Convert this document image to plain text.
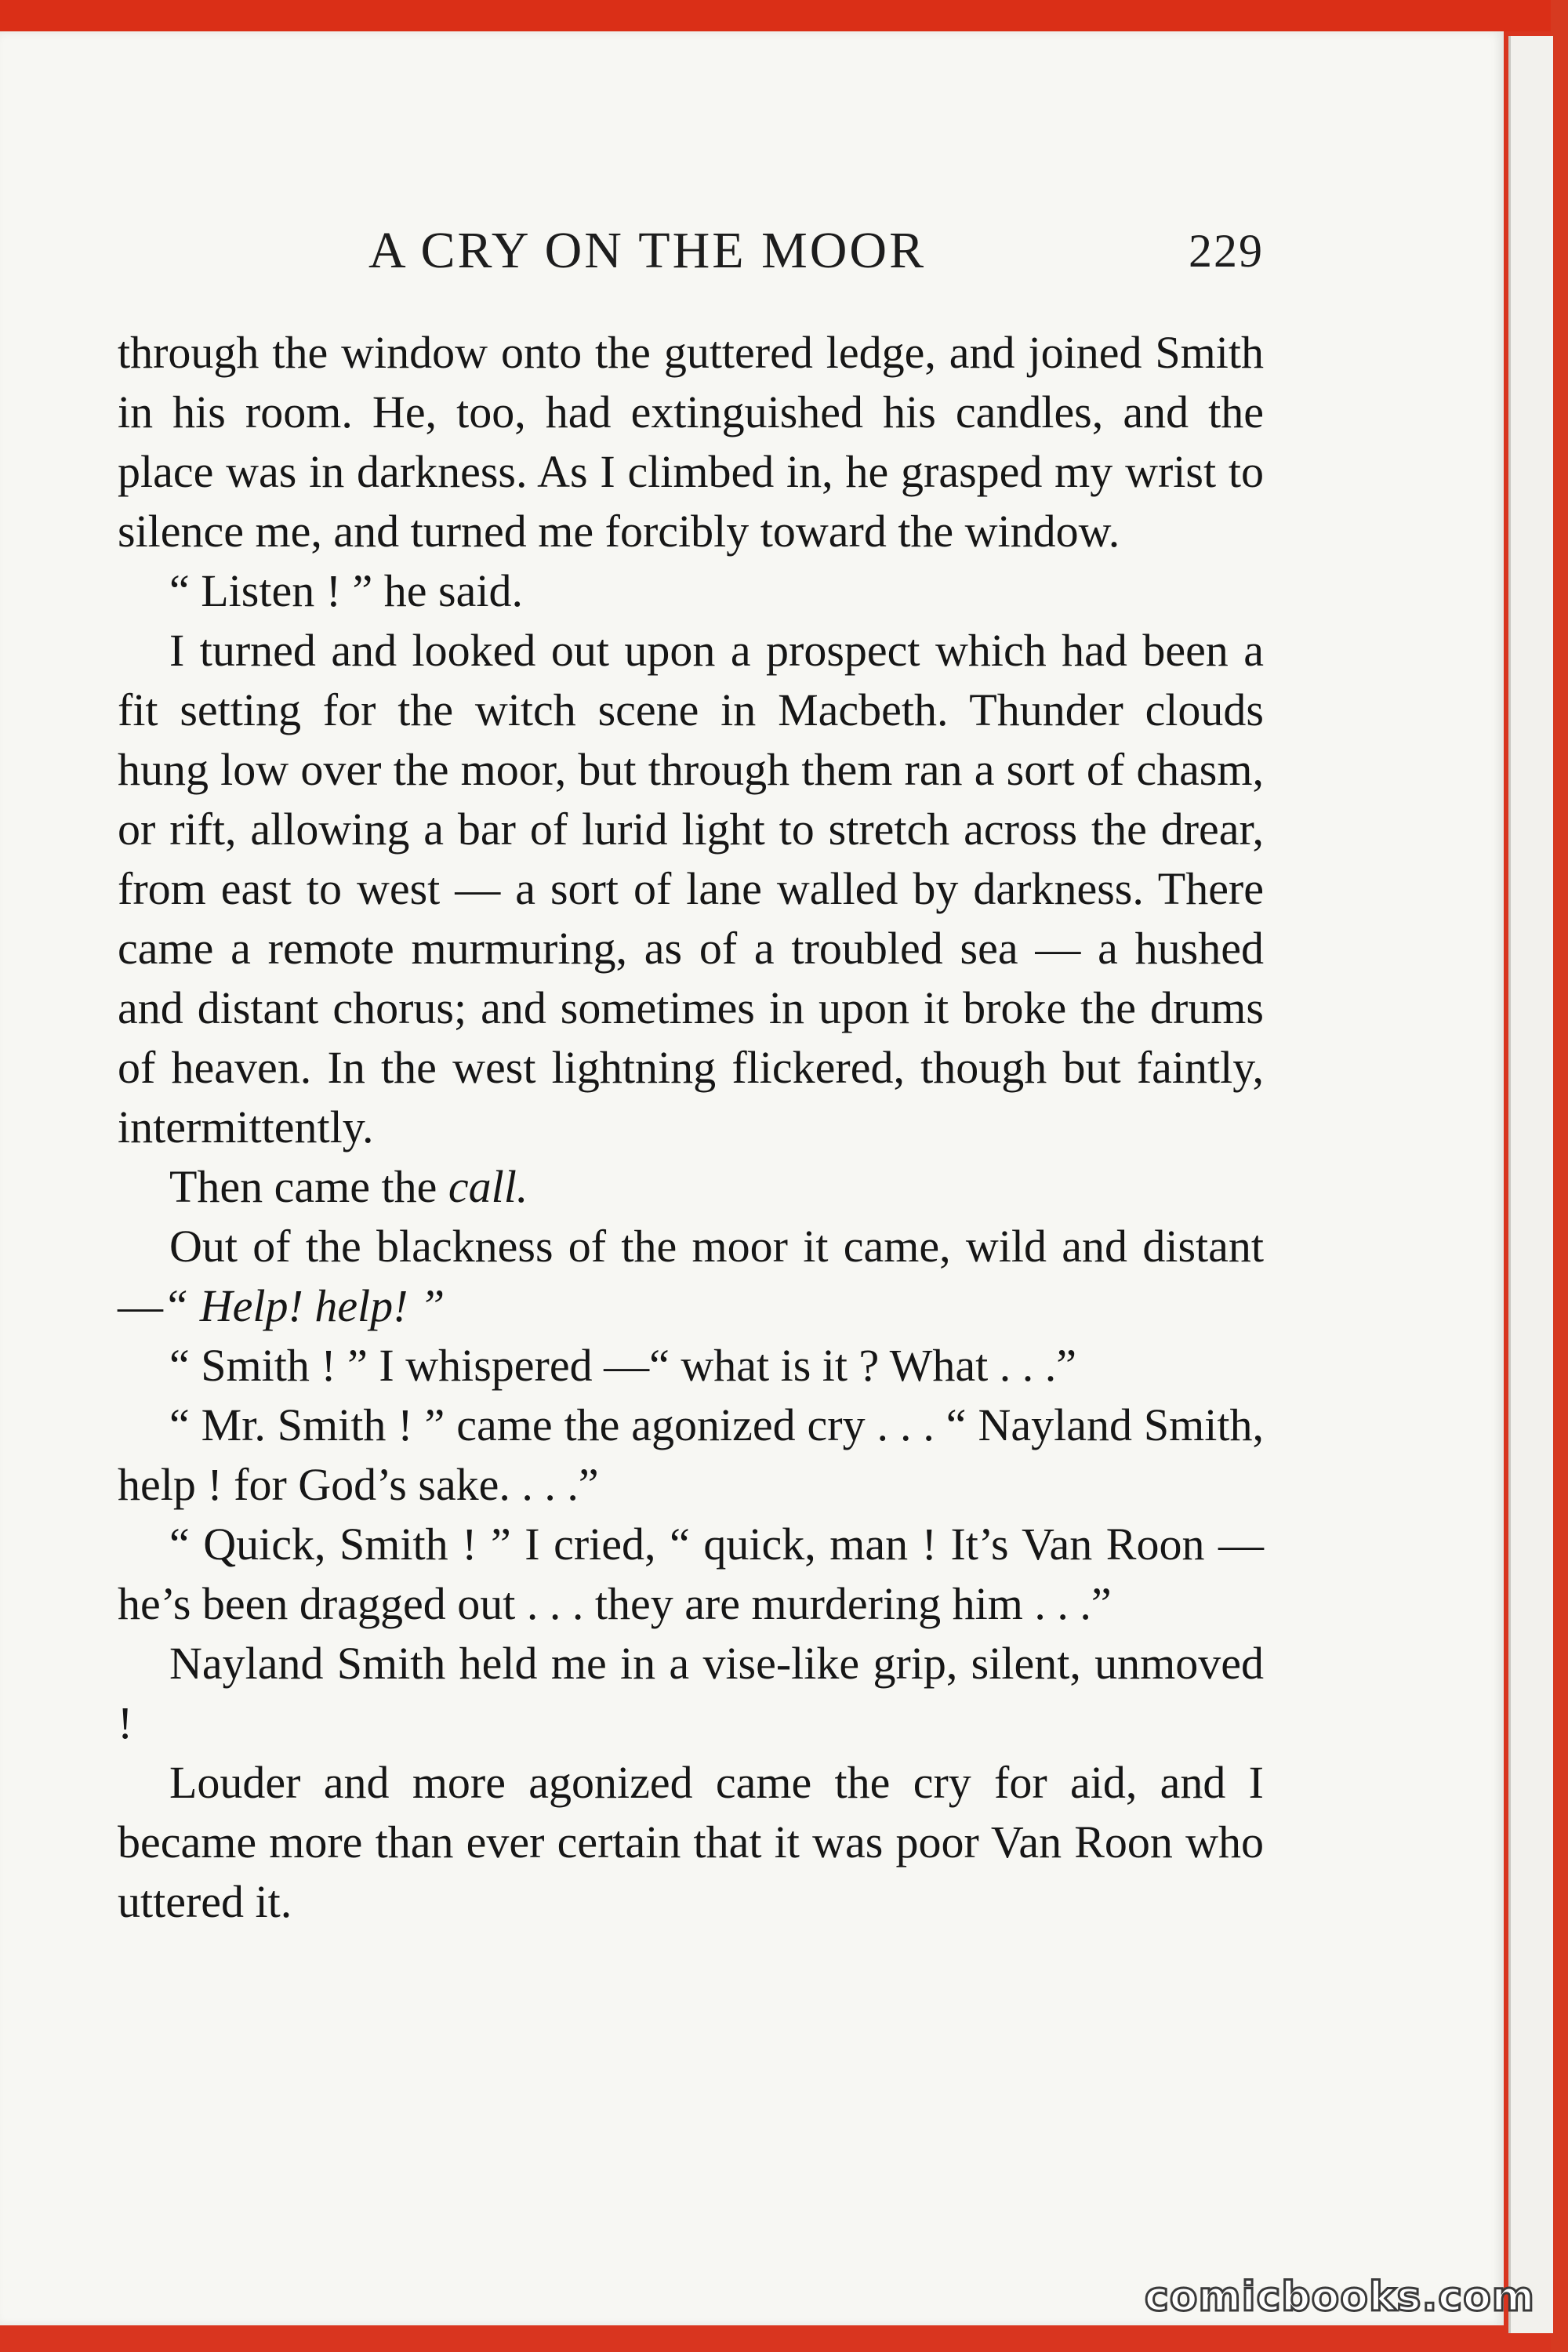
A CRY ON THE MOOR	229

through the window onto the guttered ledge, and joined Smith in his room. He, too, had extinguished his candles, and the place was in darkness. As I climbed in, he grasped my wrist to silence me, and turned me forcibly toward the window.

“ Listen ! ” he said.

I turned and looked out upon a prospect which had been a fit setting for the witch scene in Macbeth. Thunder clouds hung low over the moor, but through them ran a sort of chasm, or rift, allowing a bar of lurid light to stretch across the drear, from east to west — a sort of lane walled by darkness. There came a remote murmuring, as of a troubled sea — a hushed and distant chorus; and sometimes in upon it broke the drums of heaven. In the west lightning flickered, though but faintly, intermittently.

Then came the call.

Out of the blackness of the moor it came, wild and distant —“ Help! help! ”

“ Smith ! ” I whispered —“ what is it ? What . . .”

“ Mr. Smith ! ” came the agonized cry . . . “ Nayland Smith, help ! for God’s sake. . . .”

“ Quick, Smith ! ” I cried, “ quick, man ! It’s Van Roon — he’s been dragged out . . . they are murdering him . . .”

Nayland Smith held me in a vise-like grip, silent, unmoved !

Louder and more agonized came the cry for aid, and I became more than ever certain that it was poor Van Roon who uttered it.

comicbooks.com
